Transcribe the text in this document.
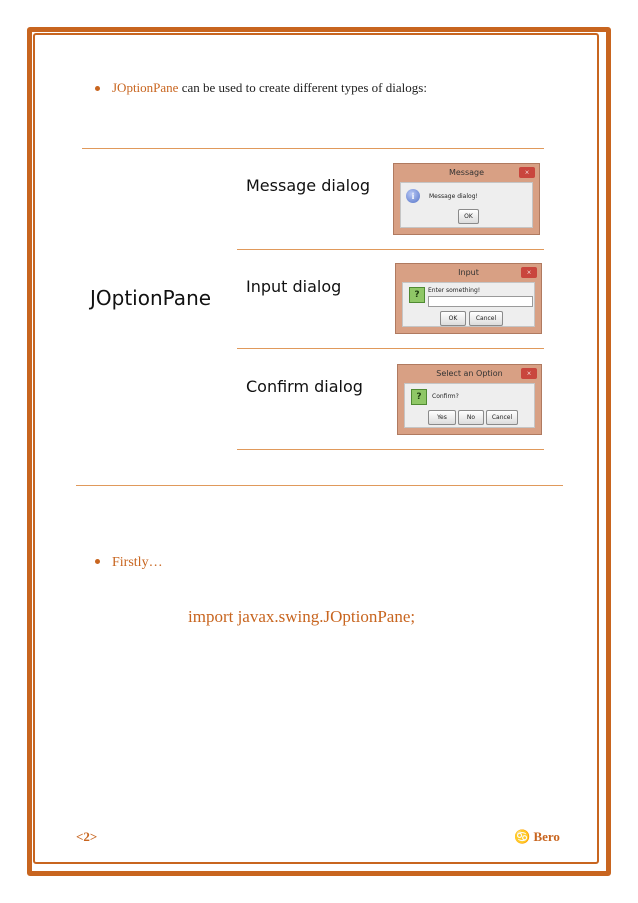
JOptionPane can be used to create different types of dialogs:
JOptionPane
Message dialog
Input dialog
Confirm dialog
Message	×
i	Message dialog!
OK
Input	×
?	Enter something!
OK	Cancel
Select an Option	×
?	Confirm?
Yes	No	Cancel
Firstly…
import javax.swing.JOptionPane;
<2>	♋ Bero
